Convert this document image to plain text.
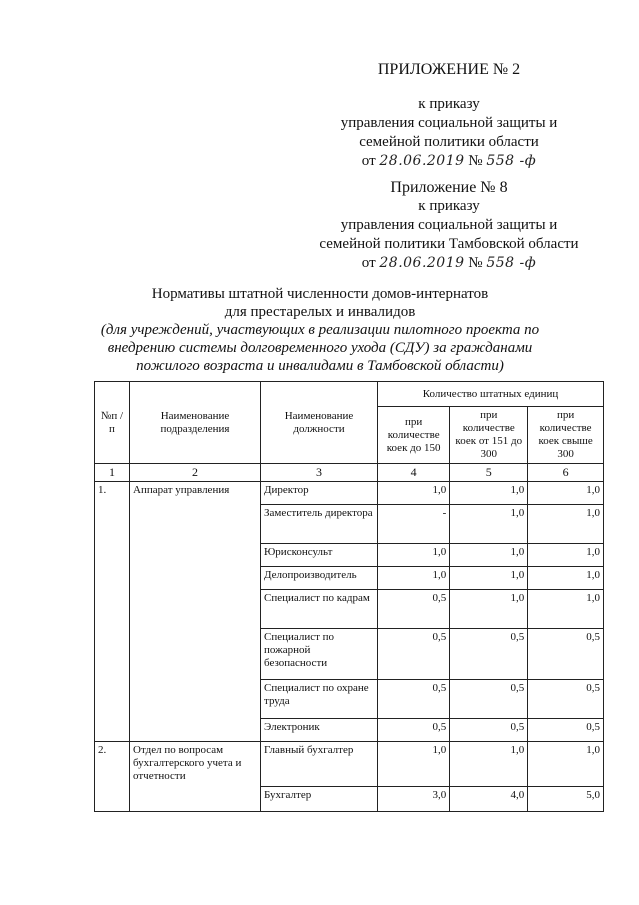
ПРИЛОЖЕНИЕ № 2
к приказу
управления социальной защиты и
семейной политики области
от 28.06.2019 № 558 -ф
Приложение № 8
к приказу
управления социальной защиты и
семейной политики Тамбовской области
от 28.06.2019 № 558 -ф
Нормативы штатной численности домов-интернатов
для престарелых и инвалидов
(для учреждений, участвующих в реализации пилотного проекта по внедрению системы долговременного ухода (СДУ) за гражданами пожилого возраста и инвалидами в Тамбовской области)
№п /п	Наименование подразделения	Наименование должности	Количество штатных единиц		
			при количестве коек до 150	при количестве коек от 151 до 300	при количестве коек свыше 300
1	2	3	4	5	6
1.	Аппарат управления	Директор	1,0	1,0	1,0
		Заместитель директора	-	1,0	1,0
		Юрисконсульт	1,0	1,0	1,0
		Делопроизводитель	1,0	1,0	1,0
		Специалист по кадрам	0,5	1,0	1,0
		Специалист по пожарной безопасности	0,5	0,5	0,5
		Специалист по охране труда	0,5	0,5	0,5
		Электроник	0,5	0,5	0,5
2.	Отдел по вопросам бухгалтерского учета и отчетности	Главный бухгалтер	1,0	1,0	1,0
		Бухгалтер	3,0	4,0	5,0
